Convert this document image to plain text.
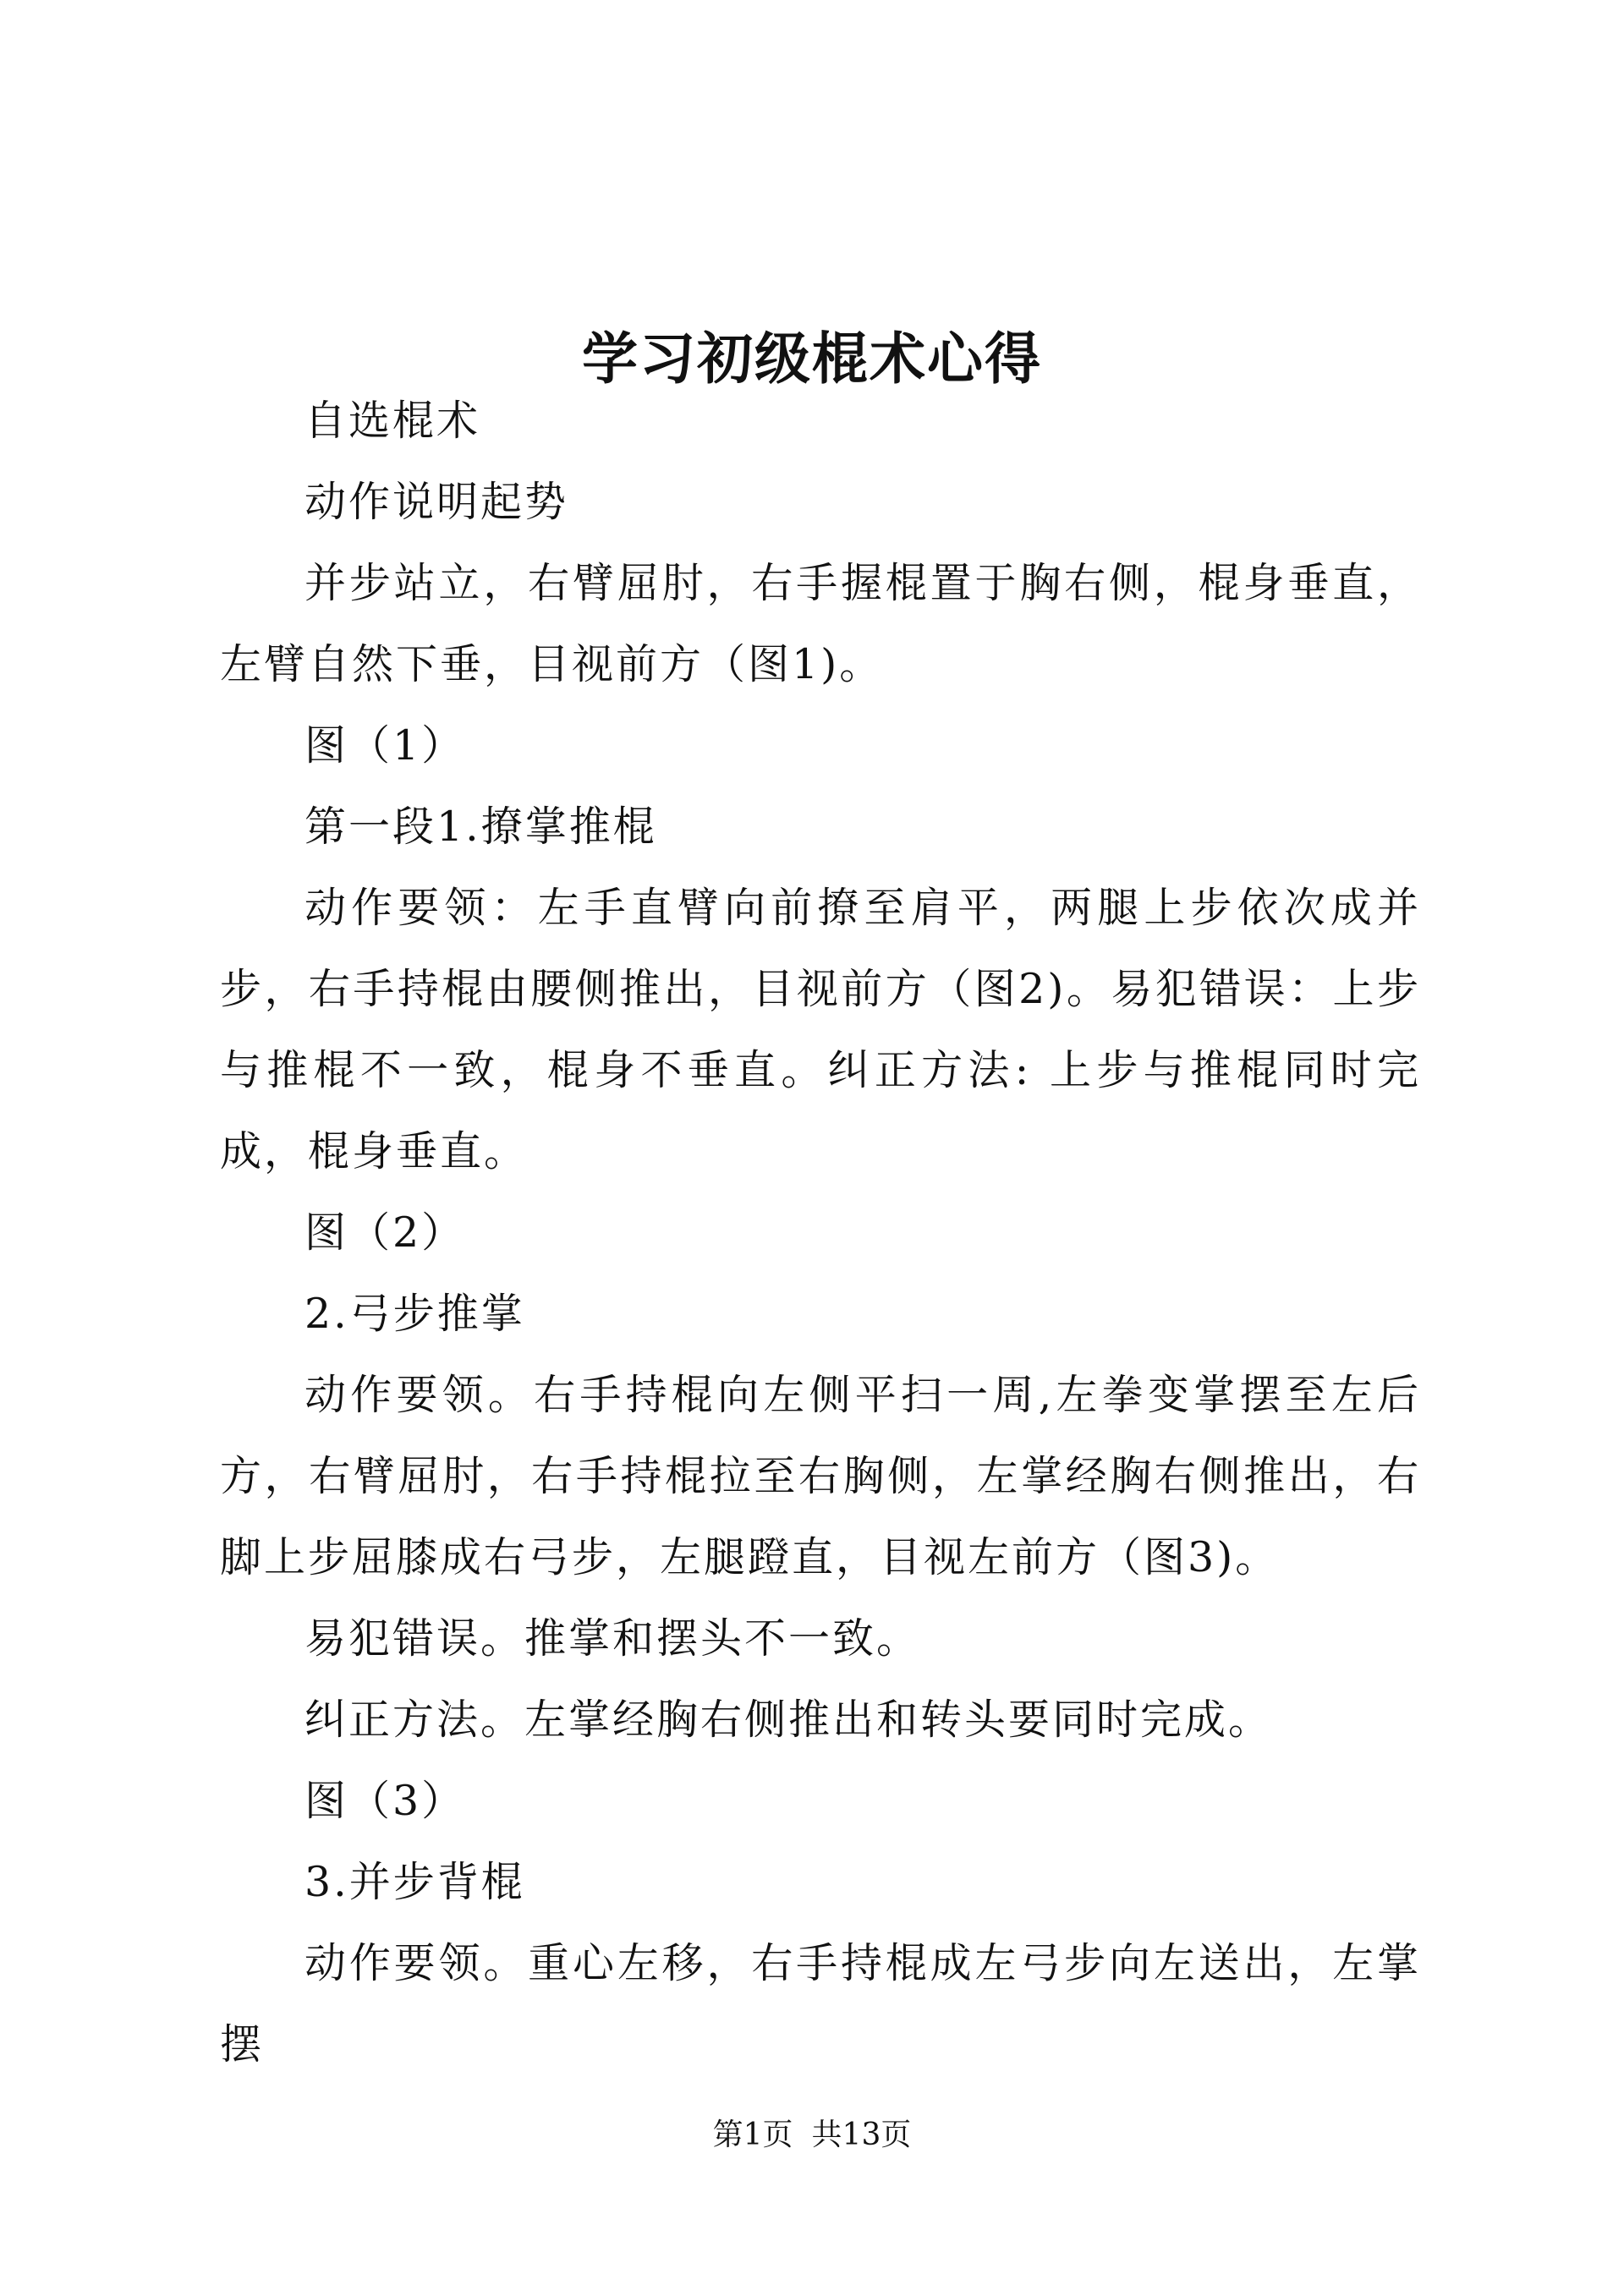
学习初级棍术心得

自选棍术

动作说明起势

并步站立，右臂屈肘，右手握棍置于胸右侧，棍身垂直，左臂自然下垂，目视前方（图1)。

图（1）

第一段1.撩掌推棍

动作要领：左手直臂向前撩至肩平，两腿上步依次成并步，右手持棍由腰侧推出，目视前方（图2)。易犯错误：上步与推棍不一致，棍身不垂直。纠正方法: 上步与推棍同时完成，棍身垂直。

图（2）

2.弓步推掌

动作要领。右手持棍向左侧平扫一周,左拳变掌摆至左后方，右臂屈肘，右手持棍拉至右胸侧，左掌经胸右侧推出，右脚上步屈膝成右弓步，左腿蹬直，目视左前方（图3)。

易犯错误。推掌和摆头不一致。

纠正方法。左掌经胸右侧推出和转头要同时完成。

图（3）

3.并步背棍

动作要领。重心左移，右手持棍成左弓步向左送出，左掌摆

第1页 共13页
